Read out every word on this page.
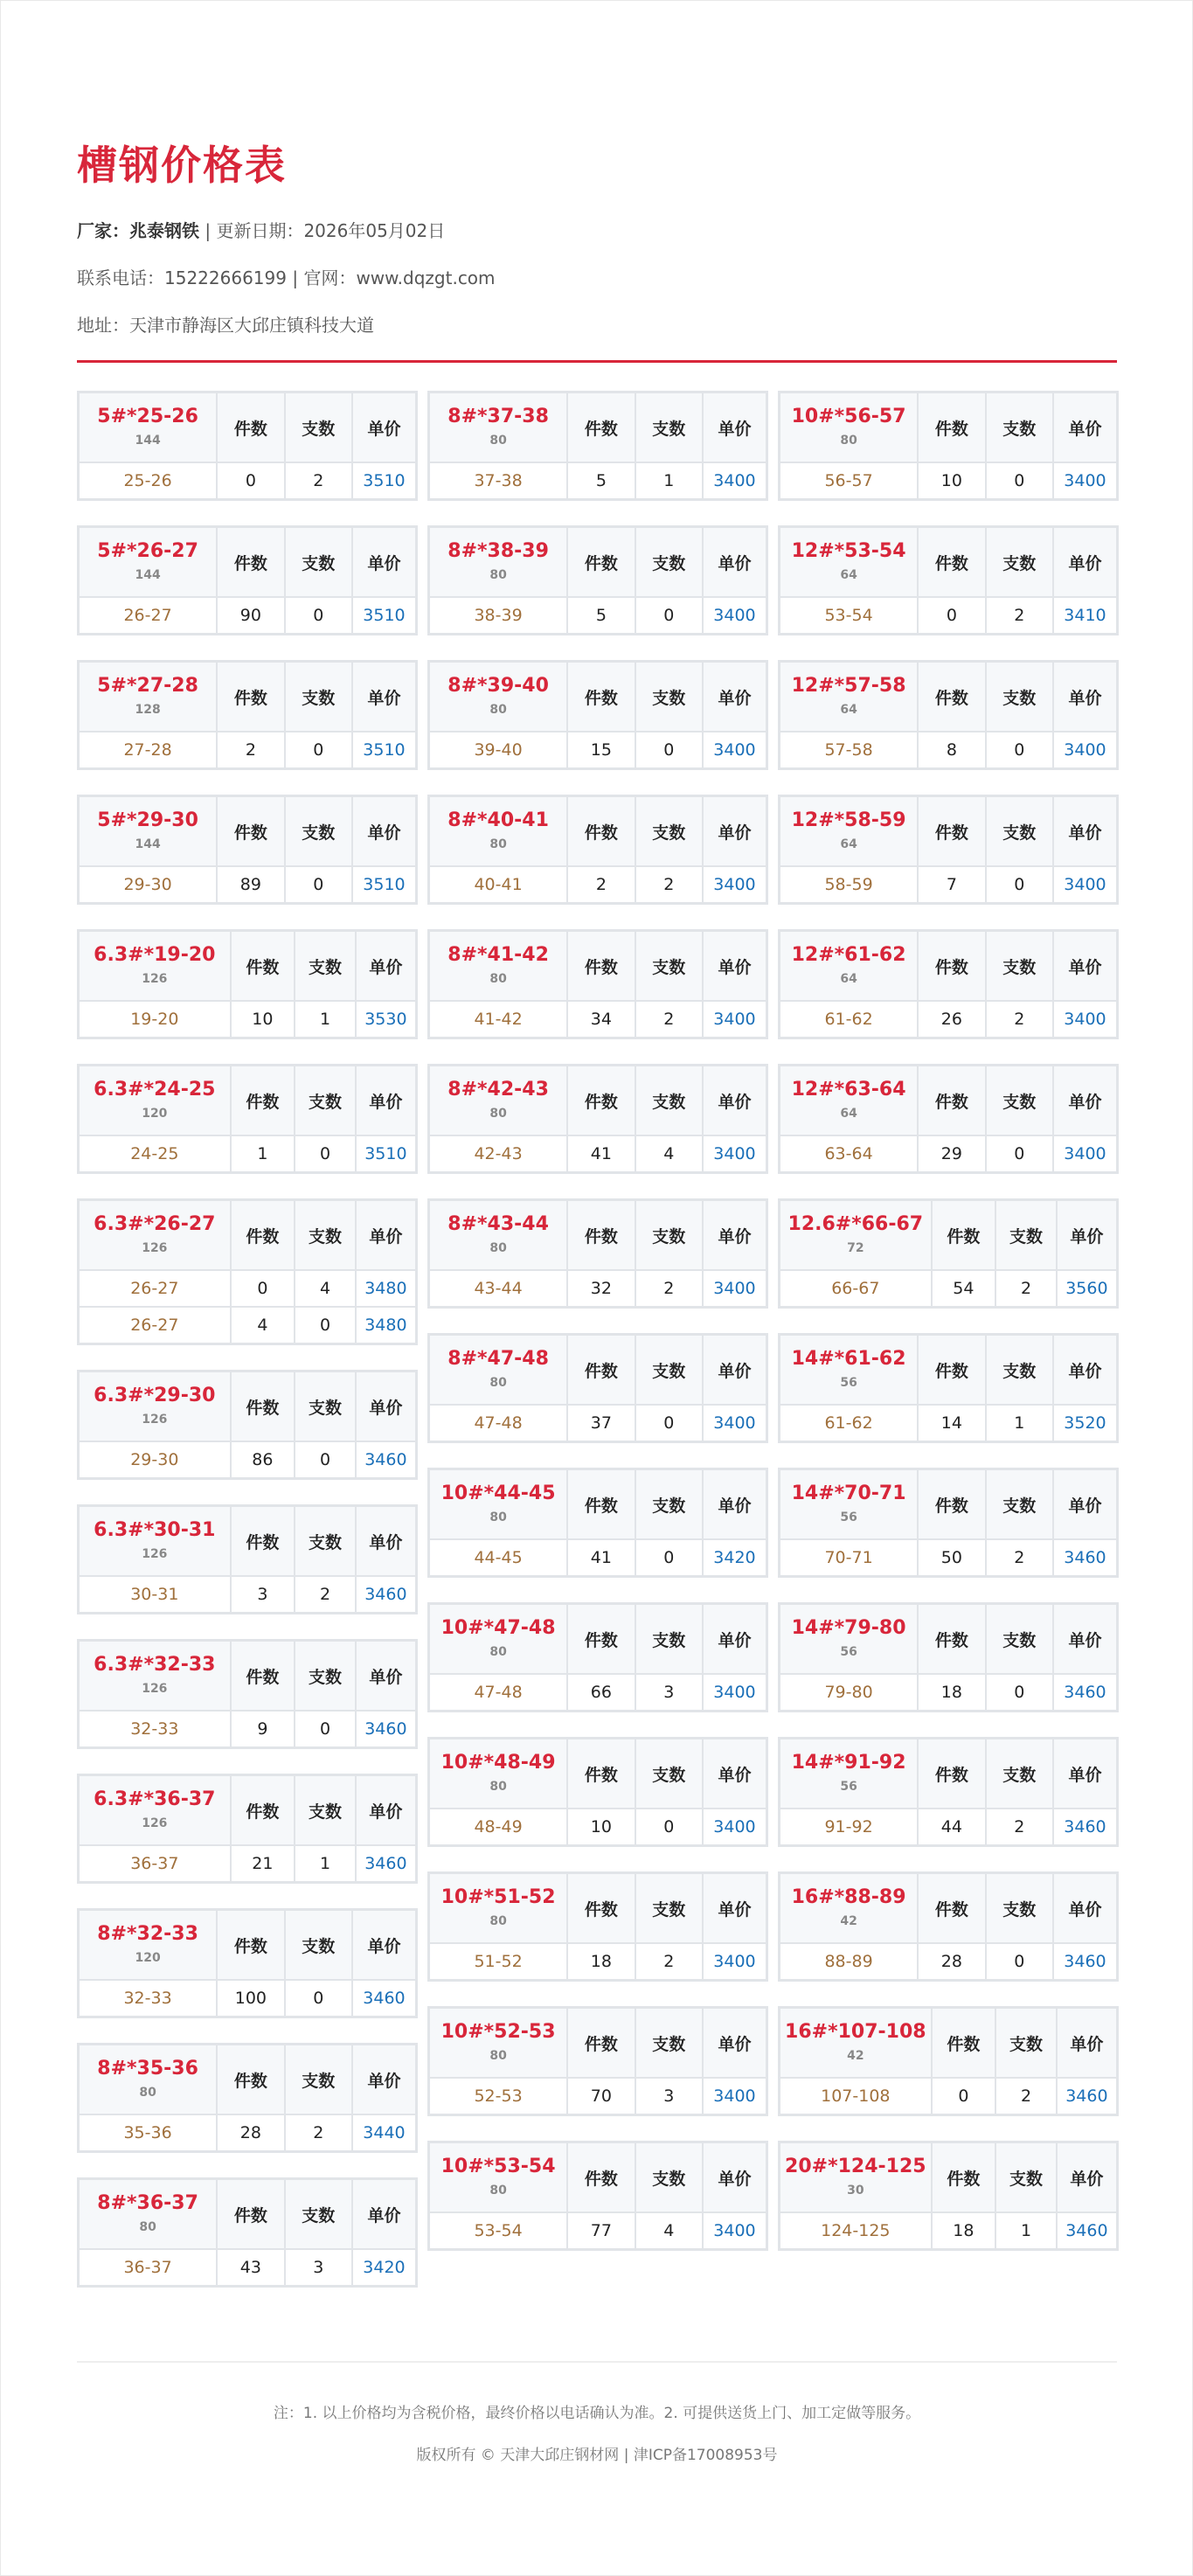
槽钢价格表
厂家：兆泰钢铁 | 更新日期：2026年05月02日
联系电话：15222666199 | 官网：www.dqzgt.com
地址：天津市静海区大邱庄镇科技大道
5#*25-26
144	件数	支数	单价
25-26	0	2	3510
5#*26-27
144	件数	支数	单价
26-27	90	0	3510
5#*27-28
128	件数	支数	单价
27-28	2	0	3510
5#*29-30
144	件数	支数	单价
29-30	89	0	3510
6.3#*19-20
126	件数	支数	单价
19-20	10	1	3530
6.3#*24-25
120	件数	支数	单价
24-25	1	0	3510
6.3#*26-27
126	件数	支数	单价
26-27	0	4	3480
26-27	4	0	3480
6.3#*29-30
126	件数	支数	单价
29-30	86	0	3460
6.3#*30-31
126	件数	支数	单价
30-31	3	2	3460
6.3#*32-33
126	件数	支数	单价
32-33	9	0	3460
6.3#*36-37
126	件数	支数	单价
36-37	21	1	3460
8#*32-33
120	件数	支数	单价
32-33	100	0	3460
8#*35-36
80	件数	支数	单价
35-36	28	2	3440
8#*36-37
80	件数	支数	单价
36-37	43	3	3420
8#*37-38
80	件数	支数	单价
37-38	5	1	3400
8#*38-39
80	件数	支数	单价
38-39	5	0	3400
8#*39-40
80	件数	支数	单价
39-40	15	0	3400
8#*40-41
80	件数	支数	单价
40-41	2	2	3400
8#*41-42
80	件数	支数	单价
41-42	34	2	3400
8#*42-43
80	件数	支数	单价
42-43	41	4	3400
8#*43-44
80	件数	支数	单价
43-44	32	2	3400
8#*47-48
80	件数	支数	单价
47-48	37	0	3400
10#*44-45
80	件数	支数	单价
44-45	41	0	3420
10#*47-48
80	件数	支数	单价
47-48	66	3	3400
10#*48-49
80	件数	支数	单价
48-49	10	0	3400
10#*51-52
80	件数	支数	单价
51-52	18	2	3400
10#*52-53
80	件数	支数	单价
52-53	70	3	3400
10#*53-54
80	件数	支数	单价
53-54	77	4	3400
10#*56-57
80	件数	支数	单价
56-57	10	0	3400
12#*53-54
64	件数	支数	单价
53-54	0	2	3410
12#*57-58
64	件数	支数	单价
57-58	8	0	3400
12#*58-59
64	件数	支数	单价
58-59	7	0	3400
12#*61-62
64	件数	支数	单价
61-62	26	2	3400
12#*63-64
64	件数	支数	单价
63-64	29	0	3400
12.6#*66-67
72	件数	支数	单价
66-67	54	2	3560
14#*61-62
56	件数	支数	单价
61-62	14	1	3520
14#*70-71
56	件数	支数	单价
70-71	50	2	3460
14#*79-80
56	件数	支数	单价
79-80	18	0	3460
14#*91-92
56	件数	支数	单价
91-92	44	2	3460
16#*88-89
42	件数	支数	单价
88-89	28	0	3460
16#*107-108
42	件数	支数	单价
107-108	0	2	3460
20#*124-125
30	件数	支数	单价
124-125	18	1	3460
注：1. 以上价格均为含税价格，最终价格以电话确认为准。2. 可提供送货上门、加工定做等服务。
版权所有 © 天津大邱庄钢材网 | 津ICP备17008953号
